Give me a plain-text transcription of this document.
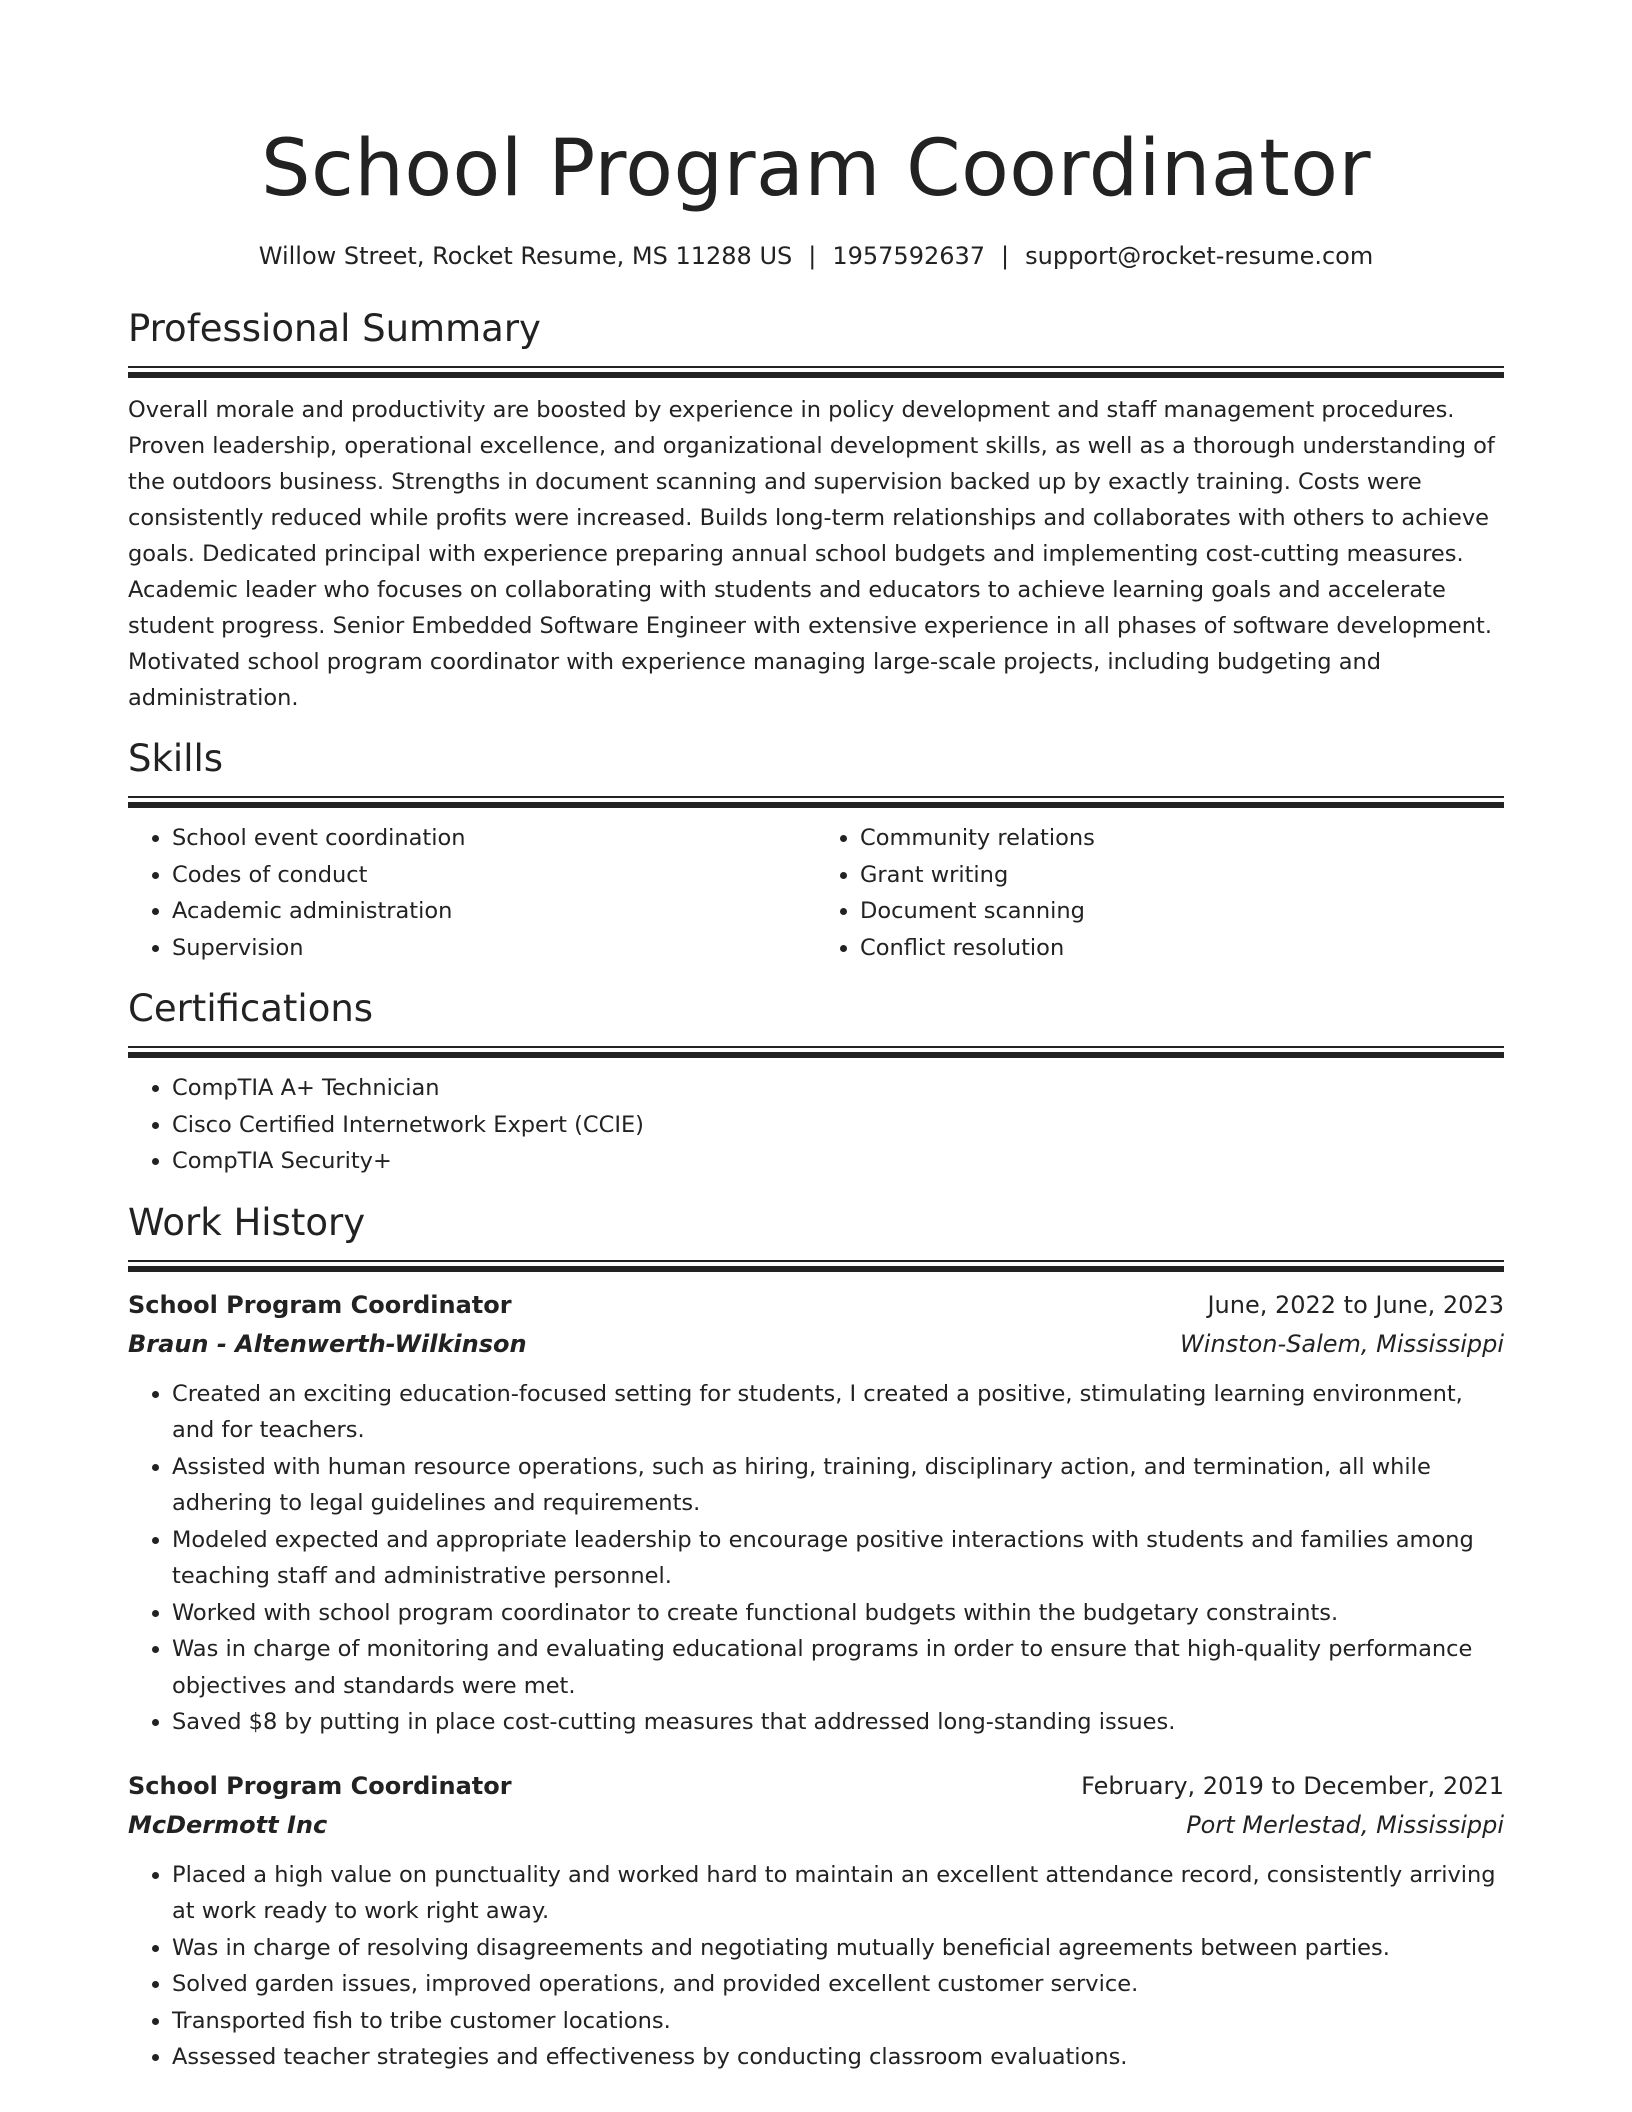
School Program Coordinator
Willow Street, Rocket Resume, MS 11288 US | 1957592637 | support@rocket-resume.com
Professional Summary
Overall morale and productivity are boosted by experience in policy development and staff management procedures. Proven leadership, operational excellence, and organizational development skills, as well as a thorough understanding of the outdoors business. Strengths in document scanning and supervision backed up by exactly training. Costs were consistently reduced while profits were increased. Builds long-term relationships and collaborates with others to achieve goals. Dedicated principal with experience preparing annual school budgets and implementing cost-cutting measures. Academic leader who focuses on collaborating with students and educators to achieve learning goals and accelerate student progress. Senior Embedded Software Engineer with extensive experience in all phases of software development. Motivated school program coordinator with experience managing large-scale projects, including budgeting and administration.
Skills
• School event coordination
• Codes of conduct
• Academic administration
• Supervision
• Community relations
• Grant writing
• Document scanning
• Conflict resolution
Certifications
• CompTIA A+ Technician
• Cisco Certified Internetwork Expert (CCIE)
• CompTIA Security+
Work History
School Program Coordinator	June, 2022 to June, 2023
Braun - Altenwerth-Wilkinson	Winston-Salem, Mississippi
• Created an exciting education-focused setting for students, I created a positive, stimulating learning environment, and for teachers.
• Assisted with human resource operations, such as hiring, training, disciplinary action, and termination, all while adhering to legal guidelines and requirements.
• Modeled expected and appropriate leadership to encourage positive interactions with students and families among teaching staff and administrative personnel.
• Worked with school program coordinator to create functional budgets within the budgetary constraints.
• Was in charge of monitoring and evaluating educational programs in order to ensure that high-quality performance objectives and standards were met.
• Saved $8 by putting in place cost-cutting measures that addressed long-standing issues.
School Program Coordinator	February, 2019 to December, 2021
McDermott Inc	Port Merlestad, Mississippi
• Placed a high value on punctuality and worked hard to maintain an excellent attendance record, consistently arriving at work ready to work right away.
• Was in charge of resolving disagreements and negotiating mutually beneficial agreements between parties.
• Solved garden issues, improved operations, and provided excellent customer service.
• Transported fish to tribe customer locations.
• Assessed teacher strategies and effectiveness by conducting classroom evaluations.
